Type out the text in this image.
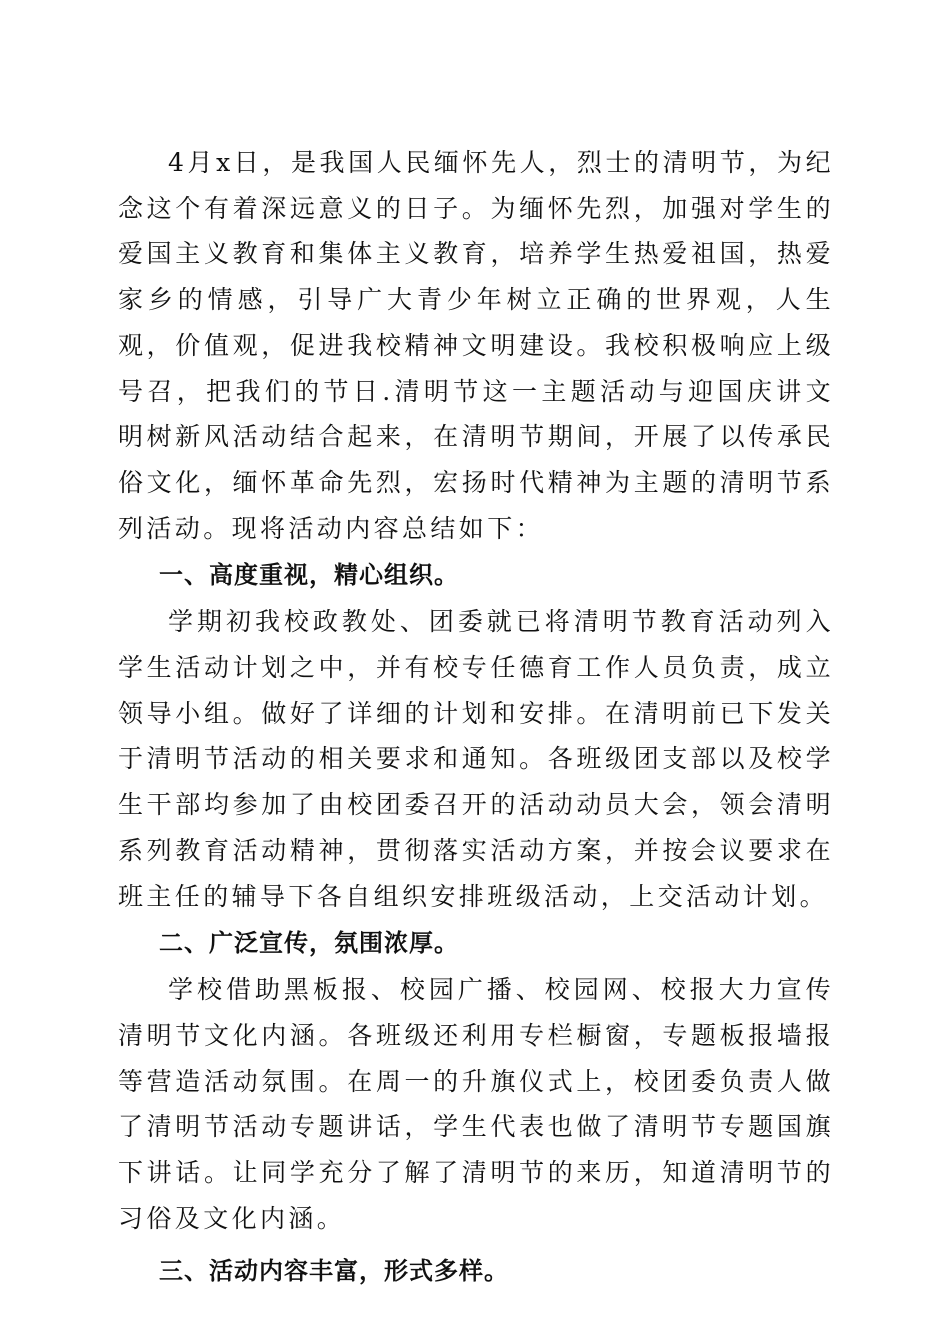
4月x日，是我国人民缅怀先人，烈士的清明节，为纪念这个有着深远意义的日子。为缅怀先烈，加强对学生的爱国主义教育和集体主义教育，培养学生热爱祖国，热爱家乡的情感，引导广大青少年树立正确的世界观，人生观，价值观，促进我校精神文明建设。我校积极响应上级号召，把我们的节日.清明节这一主题活动与迎国庆讲文明树新风活动结合起来，在清明节期间，开展了以传承民俗文化，缅怀革命先烈，宏扬时代精神为主题的清明节系列活动。现将活动内容总结如下：

一、高度重视，精心组织。

学期初我校政教处、团委就已将清明节教育活动列入学生活动计划之中，并有校专任德育工作人员负责，成立领导小组。做好了详细的计划和安排。在清明前已下发关于清明节活动的相关要求和通知。各班级团支部以及校学生干部均参加了由校团委召开的活动动员大会，领会清明系列教育活动精神，贯彻落实活动方案，并按会议要求在班主任的辅导下各自组织安排班级活动，上交活动计划。

二、广泛宣传，氛围浓厚。

学校借助黑板报、校园广播、校园网、校报大力宣传清明节文化内涵。各班级还利用专栏橱窗，专题板报墙报等营造活动氛围。在周一的升旗仪式上，校团委负责人做了清明节活动专题讲话，学生代表也做了清明节专题国旗下讲话。让同学充分了解了清明节的来历，知道清明节的习俗及文化内涵。

三、活动内容丰富，形式多样。
